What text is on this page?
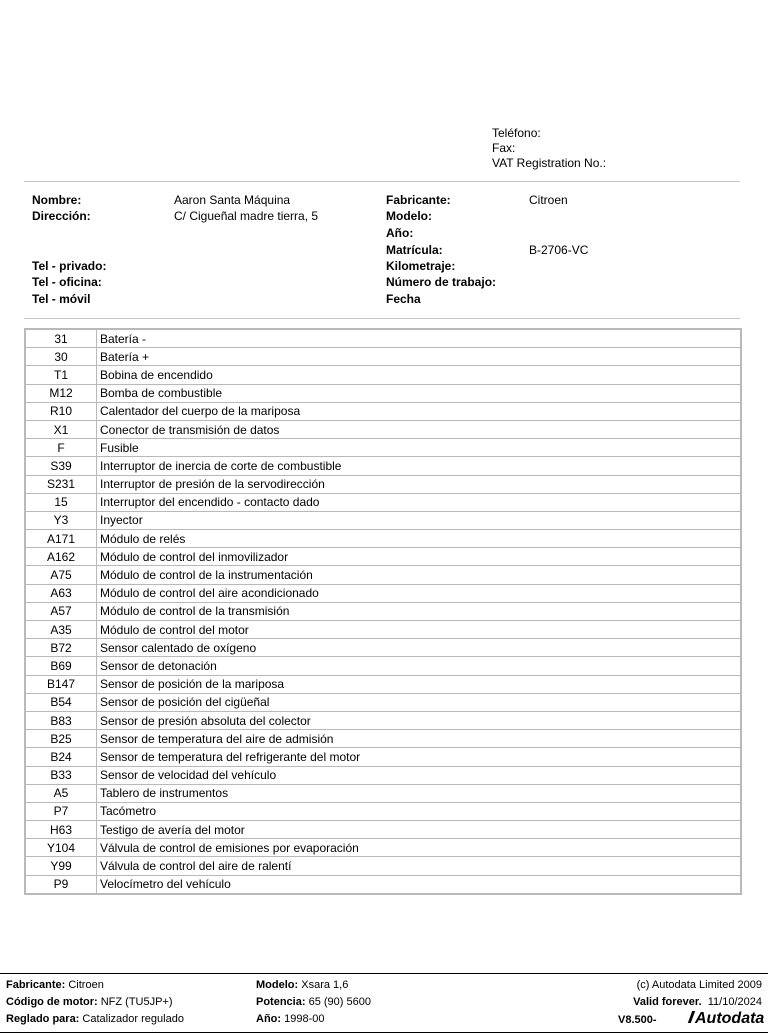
Teléfono:
Fax:
VAT Registration No.:
Nombre:	Aaron Santa Máquina
Dirección:	C/ Cigueñal madre tierra, 5
Tel - privado:
Tel - oficina:
Tel - móvil
Fabricante:	Citroen
Modelo:
Año:
Matrícula:	B-2706-VC
Kilometraje:
Número de trabajo:
Fecha
31	Batería -
30	Batería +
T1	Bobina de encendido
M12	Bomba de combustible
R10	Calentador del cuerpo de la mariposa
X1	Conector de transmisión de datos
F	Fusible
S39	Interruptor de inercia de corte de combustible
S231	Interruptor de presión de la servodirección
15	Interruptor del encendido - contacto dado
Y3	Inyector
A171	Módulo de relés
A162	Módulo de control del inmovilizador
A75	Módulo de control de la instrumentación
A63	Módulo de control del aire acondicionado
A57	Módulo de control de la transmisión
A35	Módulo de control del motor
B72	Sensor calentado de oxígeno
B69	Sensor de detonación
B147	Sensor de posición de la mariposa
B54	Sensor de posición del cigüeñal
B83	Sensor de presión absoluta del colector
B25	Sensor de temperatura del aire de admisión
B24	Sensor de temperatura del refrigerante del motor
B33	Sensor de velocidad del vehículo
A5	Tablero de instrumentos
P7	Tacómetro
H63	Testigo de avería del motor
Y104	Válvula de control de emisiones por evaporación
Y99	Válvula de control del aire de ralentí
P9	Velocímetro del vehículo
Fabricante: Citroen
Código de motor: NFZ (TU5JP+)
Reglado para: Catalizador regulado
Modelo: Xsara 1,6
Potencia: 65 (90) 5600
Año: 1998-00
(c) Autodata Limited 2009
Valid forever. 11/10/2024
V8.500-	Autodata
